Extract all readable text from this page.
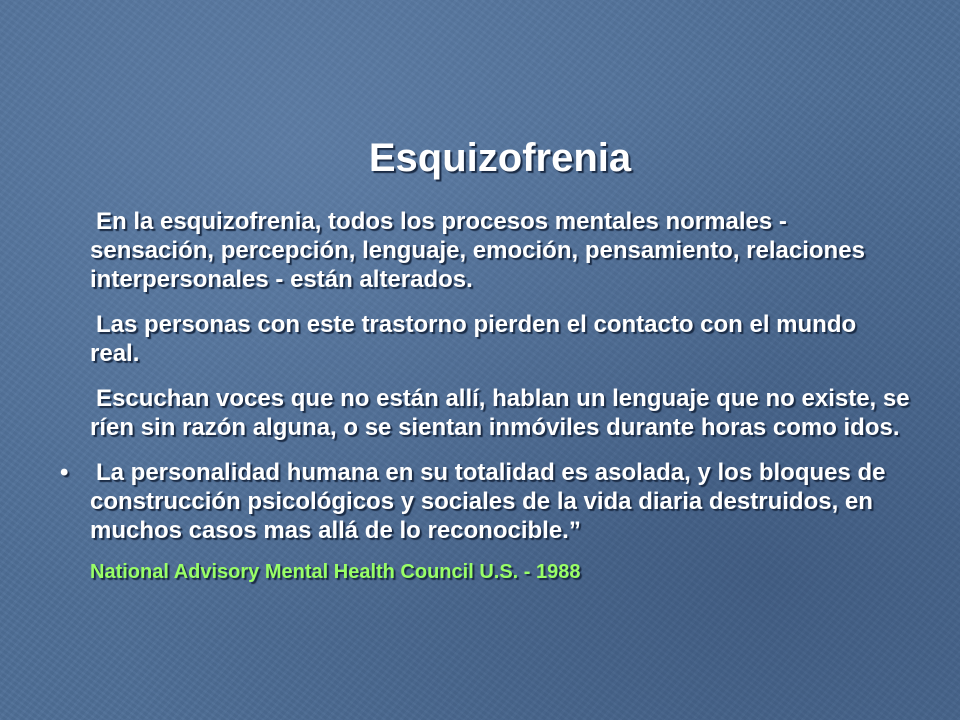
Esquizofrenia

En la esquizofrenia, todos los procesos mentales normales - sensación, percepción, lenguaje, emoción, pensamiento, relaciones interpersonales - están alterados.

Las personas con este trastorno pierden el contacto con el mundo real.

Escuchan voces que no están allí, hablan un lenguaje que no existe, se ríen sin razón alguna, o se sientan inmóviles durante horas como idos.

• La personalidad humana en su totalidad es asolada, y los bloques de construcción psicológicos y sociales de la vida diaria destruidos, en muchos casos mas allá de lo reconocible.”
National Advisory Mental Health Council U.S. - 1988
